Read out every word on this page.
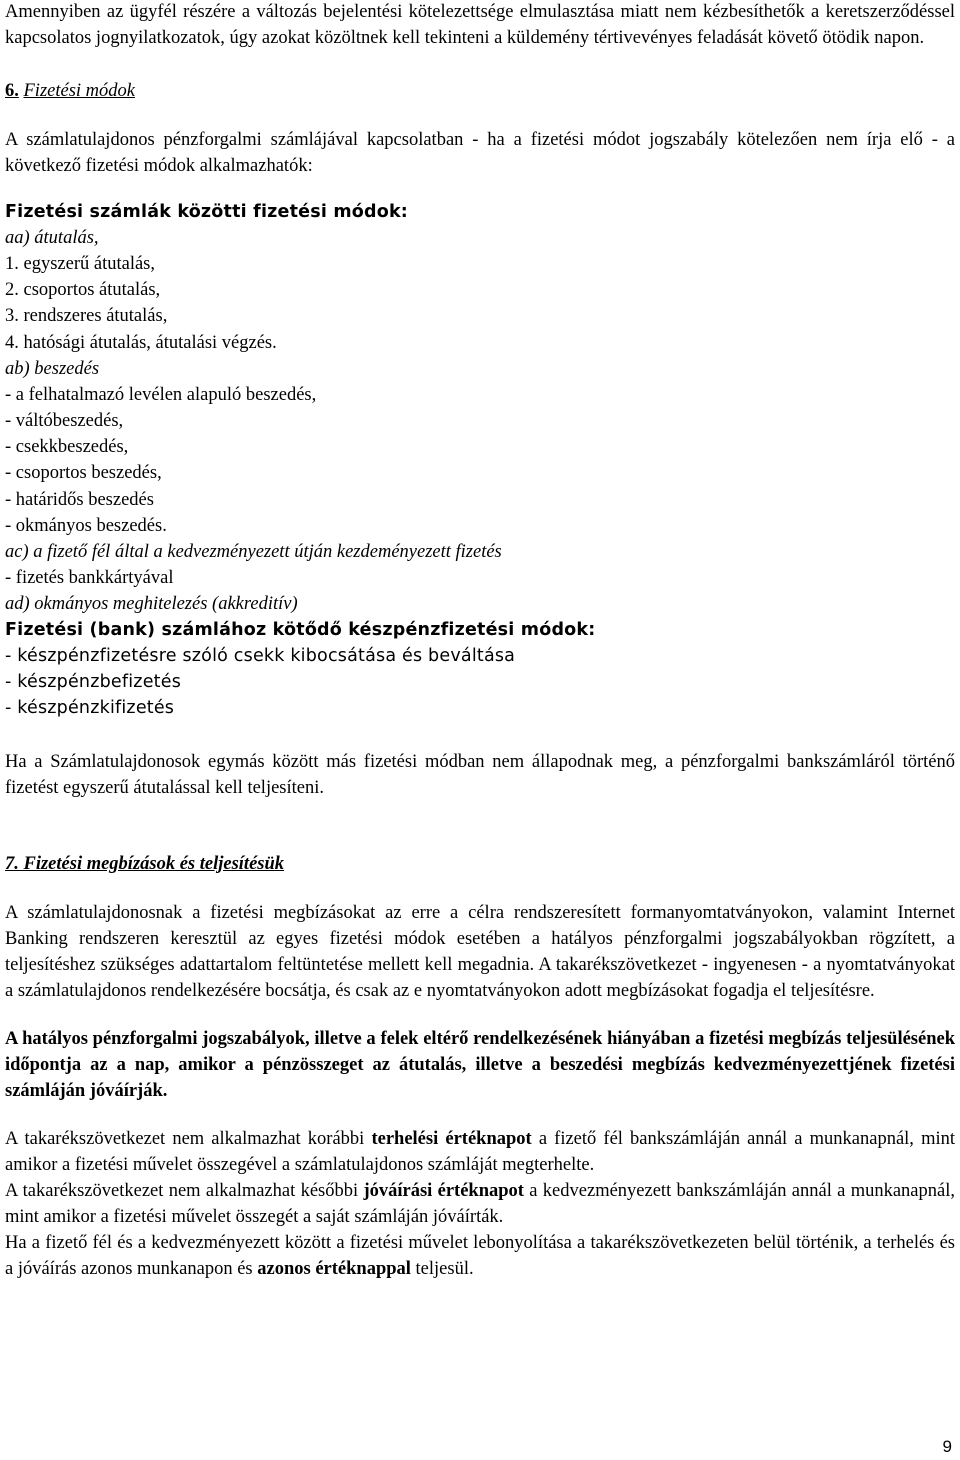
Amennyiben az ügyfél részére a változás bejelentési kötelezettsége elmulasztása miatt nem kézbesíthetők a keretszerződéssel kapcsolatos jognyilatkozatok, úgy azokat közöltnek kell tekinteni a küldemény tértivevényes feladását követő ötödik napon.

6. Fizetési módok

A számlatulajdonos pénzforgalmi számlájával kapcsolatban - ha a fizetési módot jogszabály kötelezően nem írja elő - a következő fizetési módok alkalmazhatók:

Fizetési számlák közötti fizetési módok:

aa) átutalás,

1. egyszerű átutalás,

2. csoportos átutalás,

3. rendszeres átutalás,

4. hatósági átutalás, átutalási végzés.

ab) beszedés

- a felhatalmazó levélen alapuló beszedés,

- váltóbeszedés,

- csekkbeszedés,

- csoportos beszedés,

- határidős beszedés

- okmányos beszedés.

ac) a fizető fél által a kedvezményezett útján kezdeményezett fizetés

- fizetés bankkártyával

ad) okmányos meghitelezés (akkreditív)

Fizetési (bank) számlához kötődő készpénzfizetési módok:

- készpénzfizetésre szóló csekk kibocsátása és beváltása

- készpénzbefizetés

- készpénzkifizetés

Ha a Számlatulajdonosok egymás között más fizetési módban nem állapodnak meg, a pénzforgalmi bankszámláról történő fizetést egyszerű átutalással kell teljesíteni.

7. Fizetési megbízások és teljesítésük

A számlatulajdonosnak a fizetési megbízásokat az erre a célra rendszeresített formanyomtatványokon, valamint Internet Banking rendszeren keresztül az egyes fizetési módok esetében a hatályos pénzforgalmi jogszabályokban rögzített, a teljesítéshez szükséges adattartalom feltüntetése mellett kell megadnia. A takarékszövetkezet - ingyenesen - a nyomtatványokat a számlatulajdonos rendelkezésére bocsátja, és csak az e nyomtatványokon adott megbízásokat fogadja el teljesítésre.

A hatályos pénzforgalmi jogszabályok, illetve a felek eltérő rendelkezésének hiányában a fizetési megbízás teljesülésének időpontja az a nap, amikor a pénzösszeget az átutalás, illetve a beszedési megbízás kedvezményezettjének fizetési számláján jóváírják.

A takarékszövetkezet nem alkalmazhat korábbi terhelési értéknapot a fizető fél bankszámláján annál a munkanapnál, mint amikor a fizetési művelet összegével a számlatulajdonos számláját megterhelte.

A takarékszövetkezet nem alkalmazhat későbbi jóváírási értéknapot a kedvezményezett bankszámláján annál a munkanapnál, mint amikor a fizetési művelet összegét a saját számláján jóváírták.

Ha a fizető fél és a kedvezményezett között a fizetési művelet lebonyolítása a takarékszövetkezeten belül történik, a terhelés és a jóváírás azonos munkanapon és azonos értéknappal teljesül.

9
